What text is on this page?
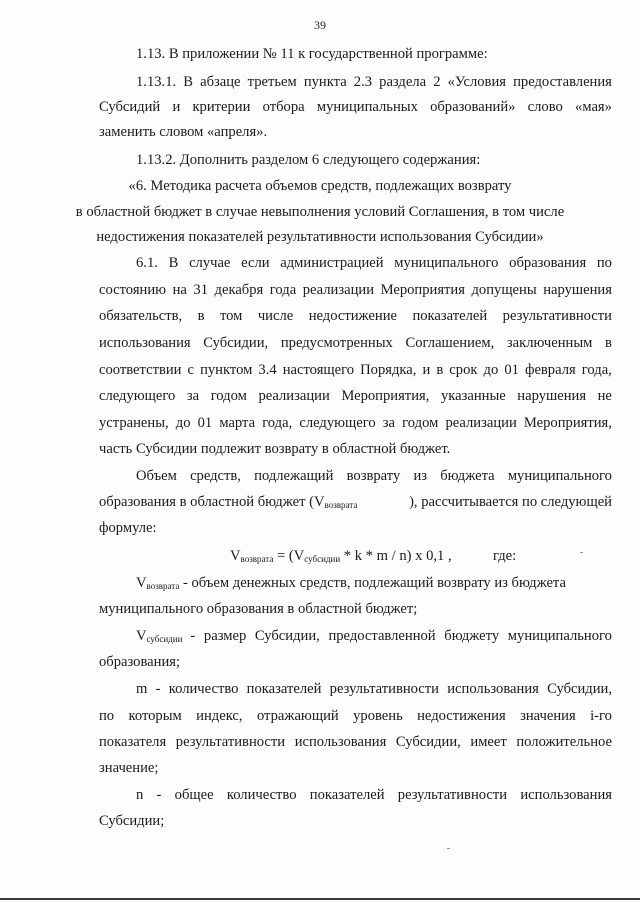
39
1.13. В приложении № 11 к государственной программе:
1.13.1. В абзаце третьем пункта 2.3 раздела 2 «Условия предоставления
Субсидий и критерии отбора муниципальных образований» слово «мая»
заменить словом «апреля».
1.13.2. Дополнить разделом 6 следующего содержания:
«6. Методика расчета объемов средств, подлежащих возврату
в областной бюджет в случае невыполнения условий Соглашения, в том числе
недостижения показателей результативности использования Субсидии»
6.1. В случае если администрацией муниципального образования по
состоянию на 31 декабря года реализации Мероприятия допущены нарушения
обязательств, в том числе недостижение показателей результативности
использования Субсидии, предусмотренных Соглашением, заключенным в
соответствии с пунктом 3.4 настоящего Порядка, и в срок до 01 февраля года,
следующего за годом реализации Мероприятия, указанные нарушения не
устранены, до 01 марта года, следующего за годом реализации Мероприятия,
часть Субсидии подлежит возврату в областной бюджет.
Объем средств, подлежащий возврату из бюджета муниципального
образования в областной бюджет ($V_{возврата}$	), рассчитывается по следующей
формуле:
$V_{возврата} = (V_{субсидии} * k * m / n)$ x 0,1 ,	где:
$V_{возврата}$ - объем денежных средств, подлежащий возврату из бюджета
муниципального образования в областной бюджет;
$V_{субсидии}$ - размер Субсидии, предоставленной бюджету муниципального
образования;
m - количество показателей результативности использования Субсидии,
по которым индекс, отражающий уровень недостижения значения i-го
показателя результативности использования Субсидии, имеет положительное
значение;
n - общее количество показателей результативности использования
Субсидии;
